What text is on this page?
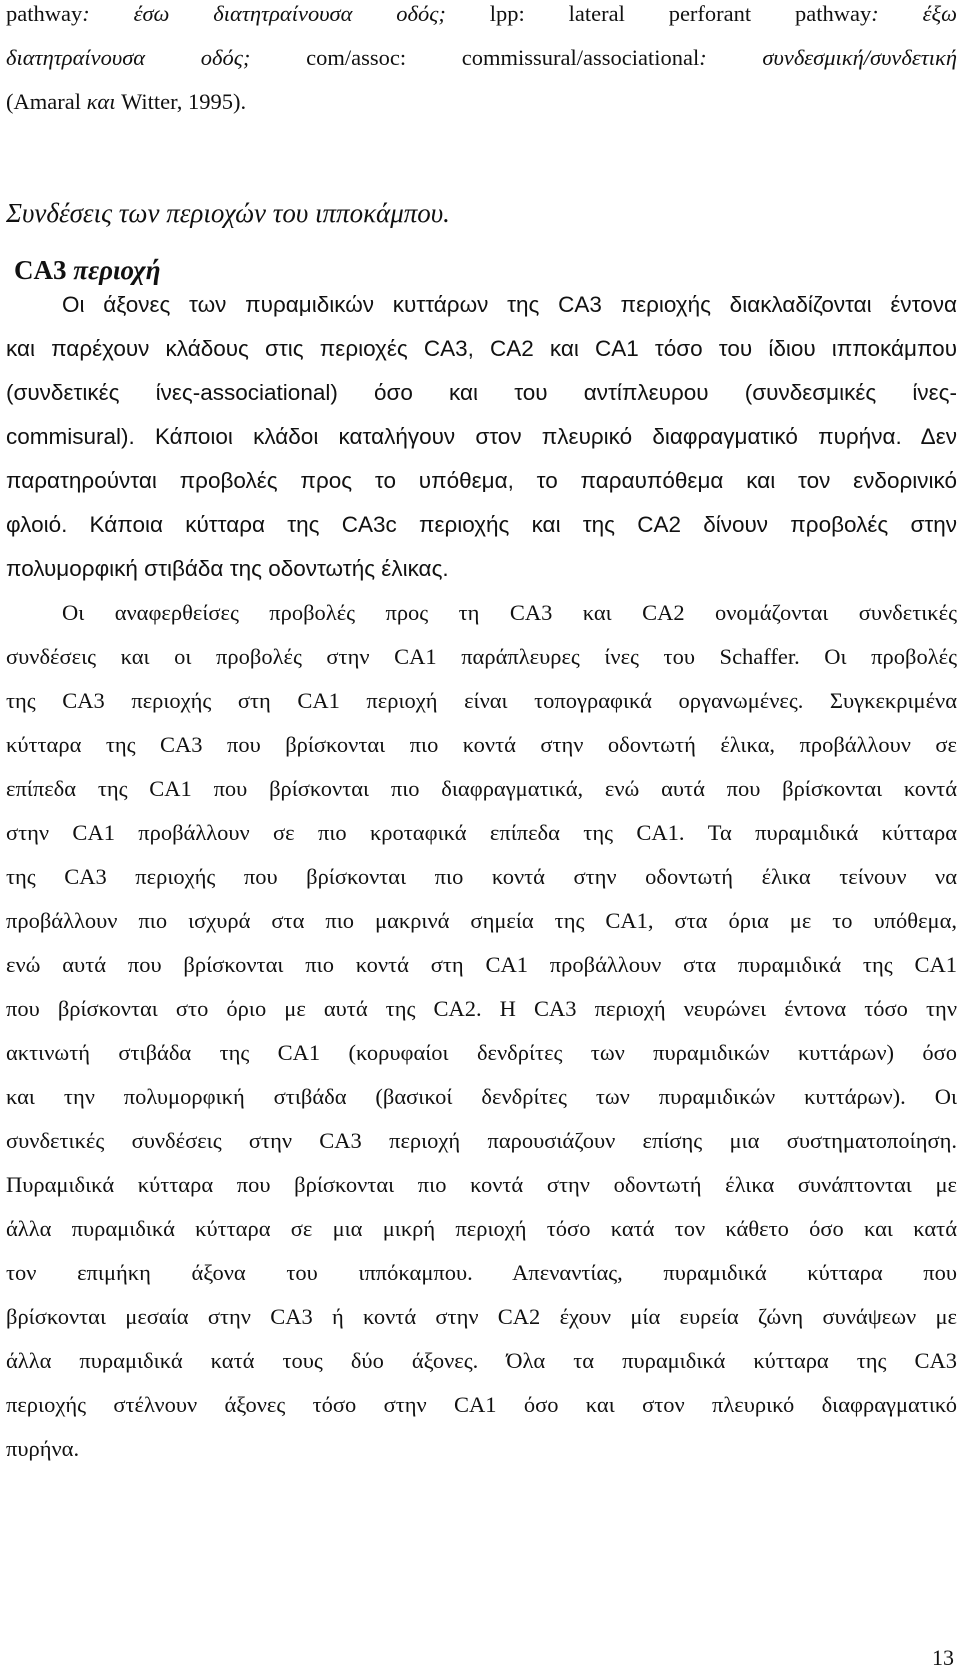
pathway: έσω διατητραίνουσα οδός; lpp: lateral perforant pathway: έξω
διατητραίνουσα οδός; com/assoc: commissural/associational: συνδεσμική/συνδετική
(Amaral και Witter, 1995).
Συνδέσεις των περιοχών του ιπποκάμπου.
CA3 περιοχή
Οι άξονες των πυραμιδικών κυττάρων της CA3 περιοχής διακλαδίζονται έντονα
και παρέχουν κλάδους στις περιοχές CA3, CA2 και CA1 τόσο του ίδιου ιπποκάμπου
(συνδετικές ίνες-associational) όσο και του αντίπλευρου (συνδεσμικές ίνες-
commisural). Κάποιοι κλάδοι καταλήγουν στον πλευρικό διαφραγματικό πυρήνα. Δεν
παρατηρούνται προβολές προς το υπόθεμα, το παραυπόθεμα και τον ενδορινικό
φλοιό. Κάποια κύτταρα της CA3c περιοχής και της CA2 δίνουν προβολές στην
πολυμορφική στιβάδα της οδοντωτής έλικας.
Οι αναφερθείσες προβολές προς τη CA3 και CA2 ονομάζονται συνδετικές
συνδέσεις και οι προβολές στην CA1 παράπλευρες ίνες του Schaffer. Οι προβολές
της CA3 περιοχής στη CA1 περιοχή είναι τοπογραφικά οργανωμένες. Συγκεκριμένα
κύτταρα της CA3 που βρίσκονται πιο κοντά στην οδοντωτή έλικα, προβάλλουν σε
επίπεδα της CA1 που βρίσκονται πιο διαφραγματικά, ενώ αυτά που βρίσκονται κοντά
στην CA1 προβάλλουν σε πιο κροταφικά επίπεδα της CA1. Τα πυραμιδικά κύτταρα
της CA3 περιοχής που βρίσκονται πιο κοντά στην οδοντωτή έλικα τείνουν να
προβάλλουν πιο ισχυρά στα πιο μακρινά σημεία της CA1, στα όρια με το υπόθεμα,
ενώ αυτά που βρίσκονται πιο κοντά στη CA1 προβάλλουν στα πυραμιδικά της CA1
που βρίσκονται στο όριο με αυτά της CA2. Η CA3 περιοχή νευρώνει έντονα τόσο την
ακτινωτή στιβάδα της CA1 (κορυφαίοι δενδρίτες των πυραμιδικών κυττάρων) όσο
και την πολυμορφική στιβάδα (βασικοί δενδρίτες των πυραμιδικών κυττάρων). Οι
συνδετικές συνδέσεις στην CA3 περιοχή παρουσιάζουν επίσης μια συστηματοποίηση.
Πυραμιδικά κύτταρα που βρίσκονται πιο κοντά στην οδοντωτή έλικα συνάπτονται με
άλλα πυραμιδικά κύτταρα σε μια μικρή περιοχή τόσο κατά τον κάθετο όσο και κατά
τον επιμήκη άξονα του ιππόκαμπου. Απεναντίας, πυραμιδικά κύτταρα που
βρίσκονται μεσαία στην CA3 ή κοντά στην CA2 έχουν μία ευρεία ζώνη συνάψεων με
άλλα πυραμιδικά κατά τους δύο άξονες. Όλα τα πυραμιδικά κύτταρα της CA3
περιοχής στέλνουν άξονες τόσο στην CA1 όσο και στον πλευρικό διαφραγματικό
πυρήνα.
13
